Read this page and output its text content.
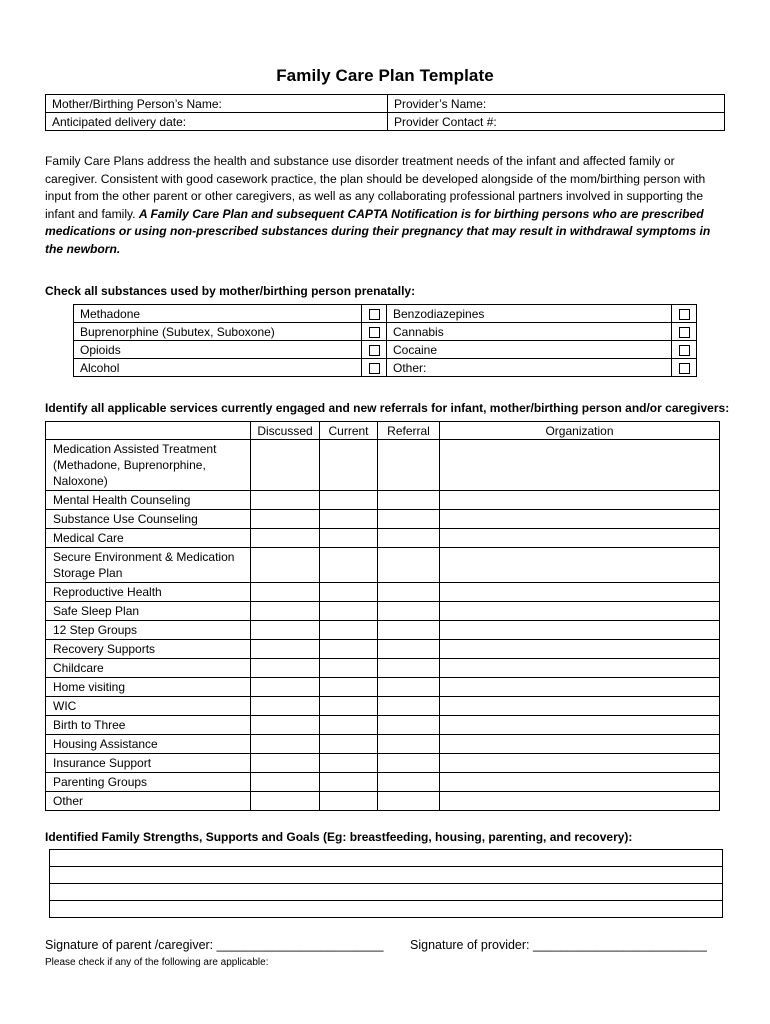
Family Care Plan Template
Mother/Birthing Person’s Name:	Provider’s Name:
Anticipated delivery date:	Provider Contact #:
Family Care Plans address the health and substance use disorder treatment needs of the infant and affected family or caregiver. Consistent with good casework practice, the plan should be developed alongside of the mom/birthing person with input from the other parent or other caregivers, as well as any collaborating professional partners involved in supporting the infant and family. A Family Care Plan and subsequent CAPTA Notification is for birthing persons who are prescribed medications or using non-prescribed substances during their pregnancy that may result in withdrawal symptoms in the newborn.
Check all substances used by mother/birthing person prenatally:
Methadone		Benzodiazepines	
Buprenorphine (Subutex, Suboxone)		Cannabis	
Opioids		Cocaine	
Alcohol		Other:	
Identify all applicable services currently engaged and new referrals for infant, mother/birthing person and/or caregivers:
	Discussed	Current	Referral	Organization
Medication Assisted Treatment (Methadone, Buprenorphine, Naloxone)				
Mental Health Counseling				
Substance Use Counseling				
Medical Care				
Secure Environment & Medication Storage Plan				
Reproductive Health				
Safe Sleep Plan				
12 Step Groups				
Recovery Supports				
Childcare				
Home visiting				
WIC				
Birth to Three				
Housing Assistance				
Insurance Support				
Parenting Groups				
Other				
Identified Family Strengths, Supports and Goals (Eg: breastfeeding, housing, parenting, and recovery):

Signature of parent /caregiver: ________________________ Signature of provider: _________________________
Please check if any of the following are applicable:
